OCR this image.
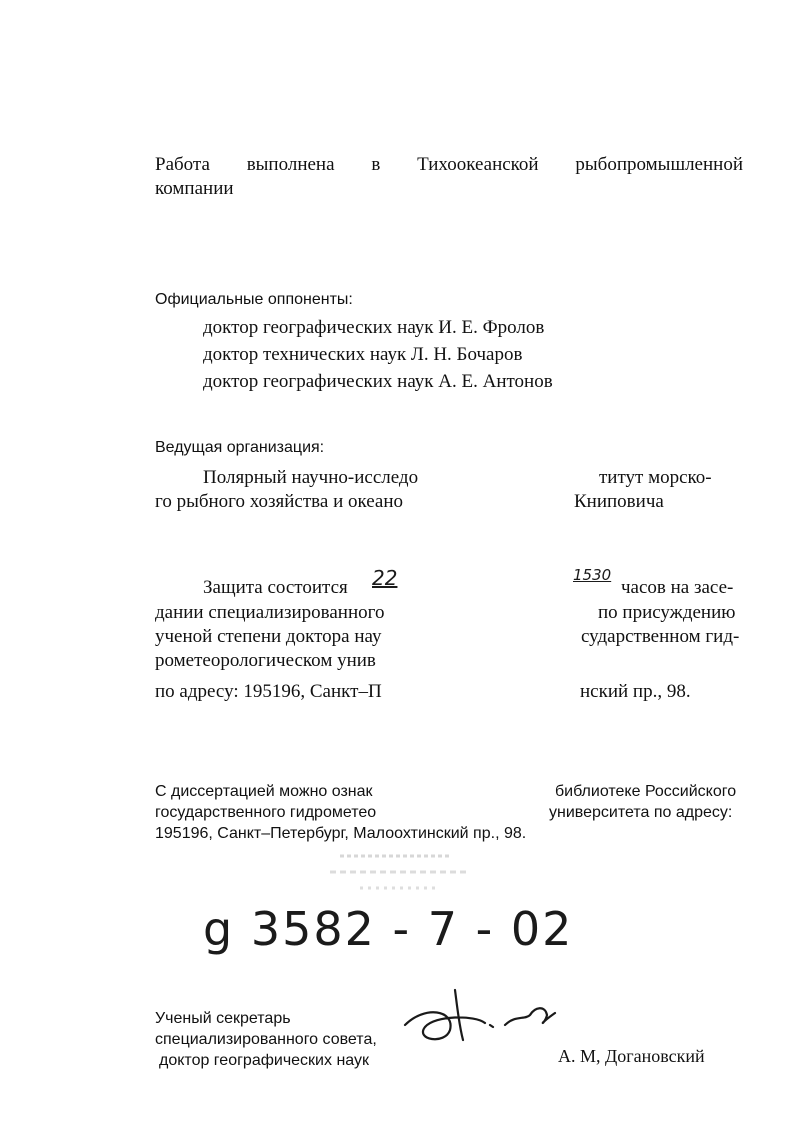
Работа выполнена в Тихоокеанской рыбопромышленной
компании
Официальные оппоненты:
доктор географических наук И. Е. Фролов
доктор технических наук Л. Н. Бочаров
доктор географических наук А. Е. Антонов
Ведущая организация:
Полярный научно-исследо	титут морско-
го рыбного хозяйства и океано	Книповича
Защита состоится 22	1530
часов на засе-
дании специализированного	по присуждению
ученой степени доктора нау	сударственном гид-
рометеорологическом унив
по адресу: 195196, Санкт–П	нский пр., 98.
С диссертацией можно ознак	библиотеке Российского
государственного гидрометео	университета по адресу:
195196, Санкт–Петербург, Малоохтинский пр., 98.
g 3582 - 7 - 02
Ученый секретарь
специализированного совета,
доктор географических наук	А. М, Догановский
